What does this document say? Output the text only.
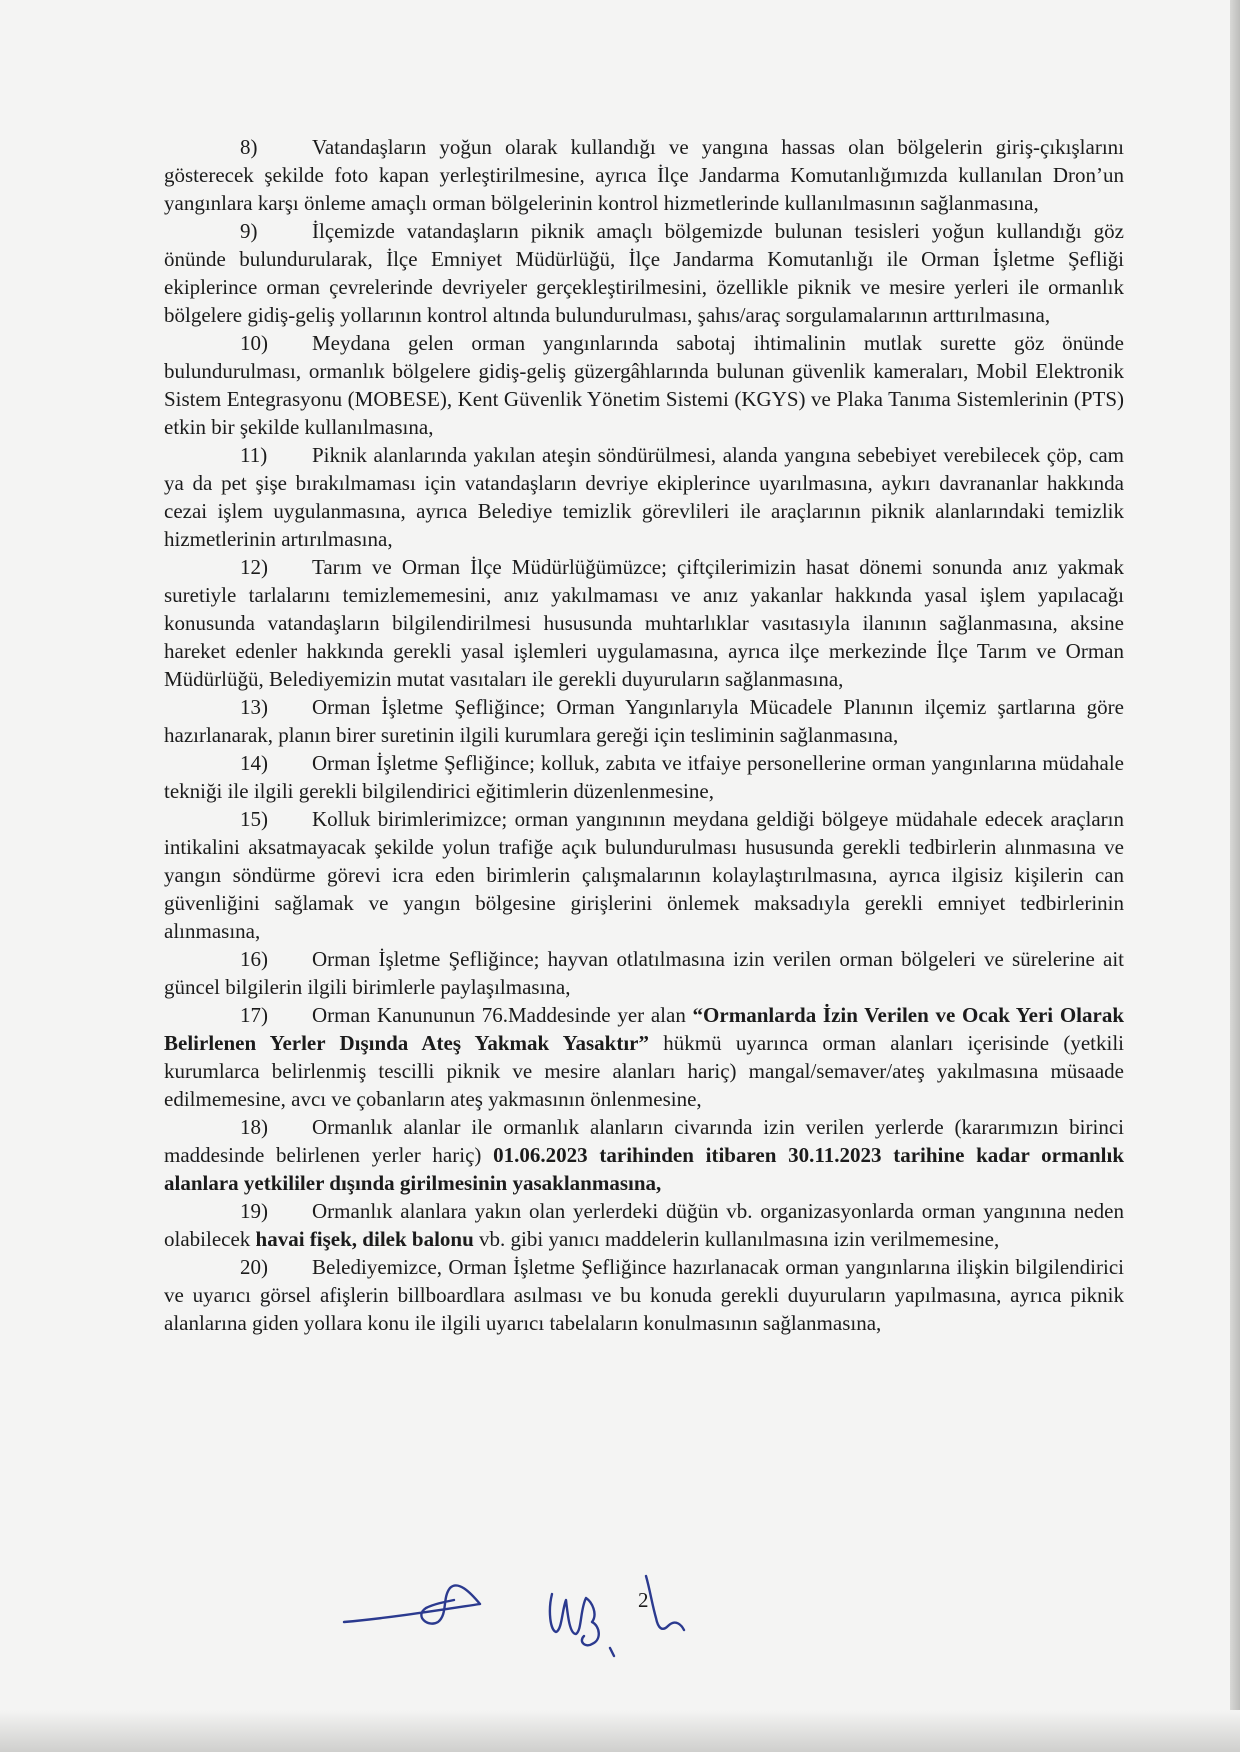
8)	Vatandaşların yoğun olarak kullandığı ve yangına hassas olan bölgelerin giriş-çıkışlarını gösterecek şekilde foto kapan yerleştirilmesine, ayrıca İlçe Jandarma Komutanlığımızda kullanılan Dron’un yangınlara karşı önleme amaçlı orman bölgelerinin kontrol hizmetlerinde kullanılmasının sağlanmasına,

9)	İlçemizde vatandaşların piknik amaçlı bölgemizde bulunan tesisleri yoğun kullandığı göz önünde bulundurularak, İlçe Emniyet Müdürlüğü, İlçe Jandarma Komutanlığı ile Orman İşletme Şefliği ekiplerince orman çevrelerinde devriyeler gerçekleştirilmesini, özellikle piknik ve mesire yerleri ile ormanlık bölgelere gidiş-geliş yollarının kontrol altında bulundurulması, şahıs/araç sorgulamalarının arttırılmasına,

10) Meydana gelen orman yangınlarında sabotaj ihtimalinin mutlak surette göz önünde bulundurulması, ormanlık bölgelere gidiş-geliş güzergâhlarında bulunan güvenlik kameraları, Mobil Elektronik Sistem Entegrasyonu (MOBESE), Kent Güvenlik Yönetim Sistemi (KGYS) ve Plaka Tanıma Sistemlerinin (PTS) etkin bir şekilde kullanılmasına,

11) Piknik alanlarında yakılan ateşin söndürülmesi, alanda yangına sebebiyet verebilecek çöp, cam ya da pet şişe bırakılmaması için vatandaşların devriye ekiplerince uyarılmasına, aykırı davrananlar hakkında cezai işlem uygulanmasına, ayrıca Belediye temizlik görevlileri ile araçlarının piknik alanlarındaki temizlik hizmetlerinin artırılmasına,

12) Tarım ve Orman İlçe Müdürlüğümüzce; çiftçilerimizin hasat dönemi sonunda anız yakmak suretiyle tarlalarını temizlememesini, anız yakılmaması ve anız yakanlar hakkında yasal işlem yapılacağı konusunda vatandaşların bilgilendirilmesi hususunda muhtarlıklar vasıtasıyla ilanının sağlanmasına, aksine hareket edenler hakkında gerekli yasal işlemleri uygulamasına, ayrıca ilçe merkezinde İlçe Tarım ve Orman Müdürlüğü, Belediyemizin mutat vasıtaları ile gerekli duyuruların sağlanmasına,

13) Orman İşletme Şefliğince; Orman Yangınlarıyla Mücadele Planının ilçemiz şartlarına göre hazırlanarak, planın birer suretinin ilgili kurumlara gereği için tesliminin sağlanmasına,

14) Orman İşletme Şefliğince; kolluk, zabıta ve itfaiye personellerine orman yangınlarına müdahale tekniği ile ilgili gerekli bilgilendirici eğitimlerin düzenlenmesine,

15) Kolluk birimlerimizce; orman yangınının meydana geldiği bölgeye müdahale edecek araçların intikalini aksatmayacak şekilde yolun trafiğe açık bulundurulması hususunda gerekli tedbirlerin alınmasına ve yangın söndürme görevi icra eden birimlerin çalışmalarının kolaylaştırılmasına, ayrıca ilgisiz kişilerin can güvenliğini sağlamak ve yangın bölgesine girişlerini önlemek maksadıyla gerekli emniyet tedbirlerinin alınmasına,

16) Orman İşletme Şefliğince; hayvan otlatılmasına izin verilen orman bölgeleri ve sürelerine ait güncel bilgilerin ilgili birimlerle paylaşılmasına,

17) Orman Kanununun 76.Maddesinde yer alan “Ormanlarda İzin Verilen ve Ocak Yeri Olarak Belirlenen Yerler Dışında Ateş Yakmak Yasaktır” hükmü uyarınca orman alanları içerisinde (yetkili kurumlarca belirlenmiş tescilli piknik ve mesire alanları hariç) mangal/semaver/ateş yakılmasına müsaade edilmemesine, avcı ve çobanların ateş yakmasının önlenmesine,

18) Ormanlık alanlar ile ormanlık alanların civarında izin verilen yerlerde (kararımızın birinci maddesinde belirlenen yerler hariç) 01.06.2023 tarihinden itibaren 30.11.2023 tarihine kadar ormanlık alanlara yetkililer dışında girilmesinin yasaklanmasına,

19) Ormanlık alanlara yakın olan yerlerdeki düğün vb. organizasyonlarda orman yangınına neden olabilecek havai fişek, dilek balonu vb. gibi yanıcı maddelerin kullanılmasına izin verilmemesine,

20) Belediyemizce, Orman İşletme Şefliğince hazırlanacak orman yangınlarına ilişkin bilgilendirici ve uyarıcı görsel afişlerin billboardlara asılması ve bu konuda gerekli duyuruların yapılmasına, ayrıca piknik alanlarına giden yollara konu ile ilgili uyarıcı tabelaların konulmasının sağlanmasına,

2
